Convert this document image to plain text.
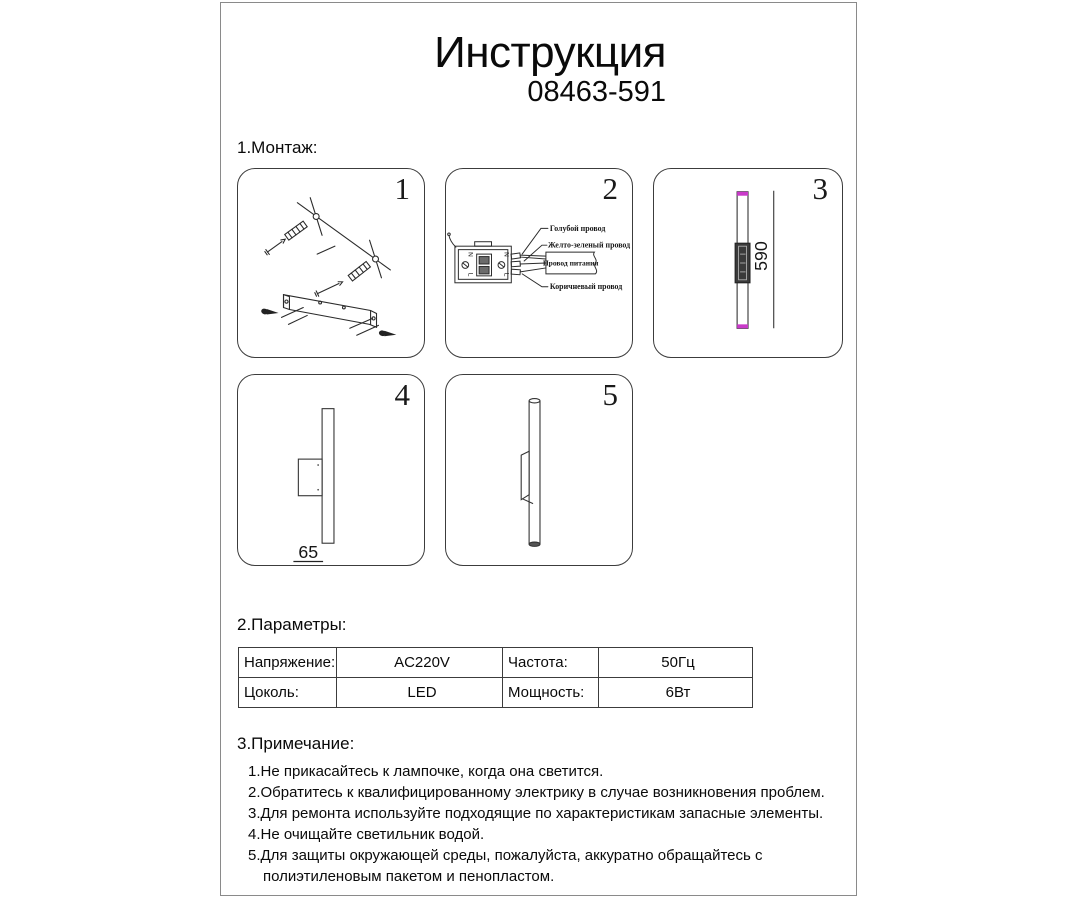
Инструкция
08463-591
1.Монтаж:
1
N
L
N
L
Голубой провод
Желто-зеленый провод
Провод питания
Коричневый провод
2
590
3
65
4	5
2.Параметры:
Напряжение:	AC220V	Частота:	50Гц
Цоколь:	LED	Мощность:	6Вт
3.Примечание:
1.Не прикасайтесь к лампочке, когда она светится.
2.Обратитесь к квалифицированному электрику в случае возникновения проблем.
3.Для ремонта используйте подходящие по характеристикам запасные элементы.
4.Не очищайте светильник водой.
5.Для защиты окружающей среды, пожалуйста, аккуратно обращайтесь с полиэтиленовым пакетом и пенопластом.
